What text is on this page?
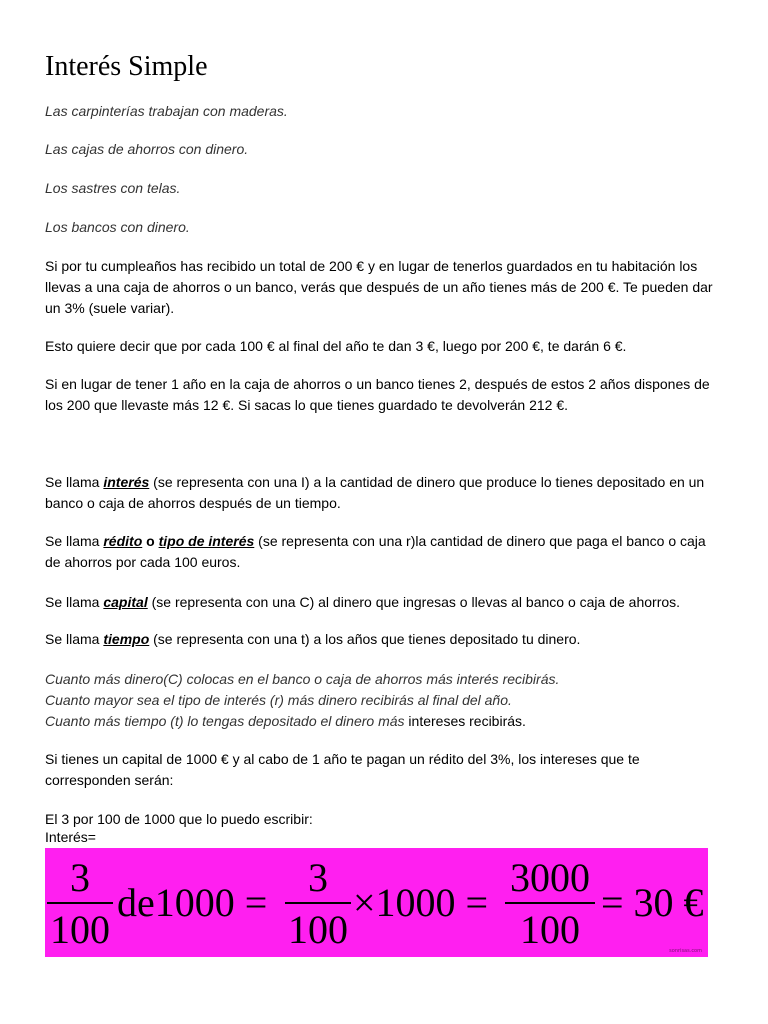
Interés Simple

Las carpinterías trabajan con maderas.

Las cajas de ahorros con dinero.

Los sastres con telas.

Los bancos con dinero.

Si por tu cumpleaños has recibido un total de 200 € y en lugar de tenerlos guardados en tu habitación los llevas a una caja de ahorros o un banco, verás que después de un año tienes más de 200 €. Te pueden dar un 3% (suele variar).

Esto quiere decir que por cada 100 € al final del año te dan 3 €, luego por 200 €, te darán 6 €.

Si en lugar de tener 1 año en la caja de ahorros o un banco tienes 2, después de estos 2 años dispones de los 200 que llevaste más 12 €. Si sacas lo que tienes guardado te devolverán 212 €.

Se llama interés (se representa con una I) a la cantidad de dinero que produce lo tienes depositado en un banco o caja de ahorros después de un tiempo.

Se llama rédito o tipo de interés (se representa con una r)la cantidad de dinero que paga el banco o caja de ahorros por cada 100 euros.

Se llama capital (se representa con una C) al dinero que ingresas o llevas al banco o caja de ahorros.

Se llama tiempo (se representa con una t) a los años que tienes depositado tu dinero.

Cuanto más dinero(C) colocas en el banco o caja de ahorros más interés recibirás.

Cuanto mayor sea el tipo de interés (r) más dinero recibirás al final del año.

Cuanto más tiempo (t) lo tengas depositado el dinero más intereses recibirás.

Si tienes un capital de 1000 € y al cabo de 1 año te pagan un rédito del 3%, los intereses que te corresponden serán:

El 3 por 100 de 1000 que lo puedo escribir:

Interés=

3
100
de1000 =
3
100
×1000 =
3000
100
= 30 €
sonrisas.com
